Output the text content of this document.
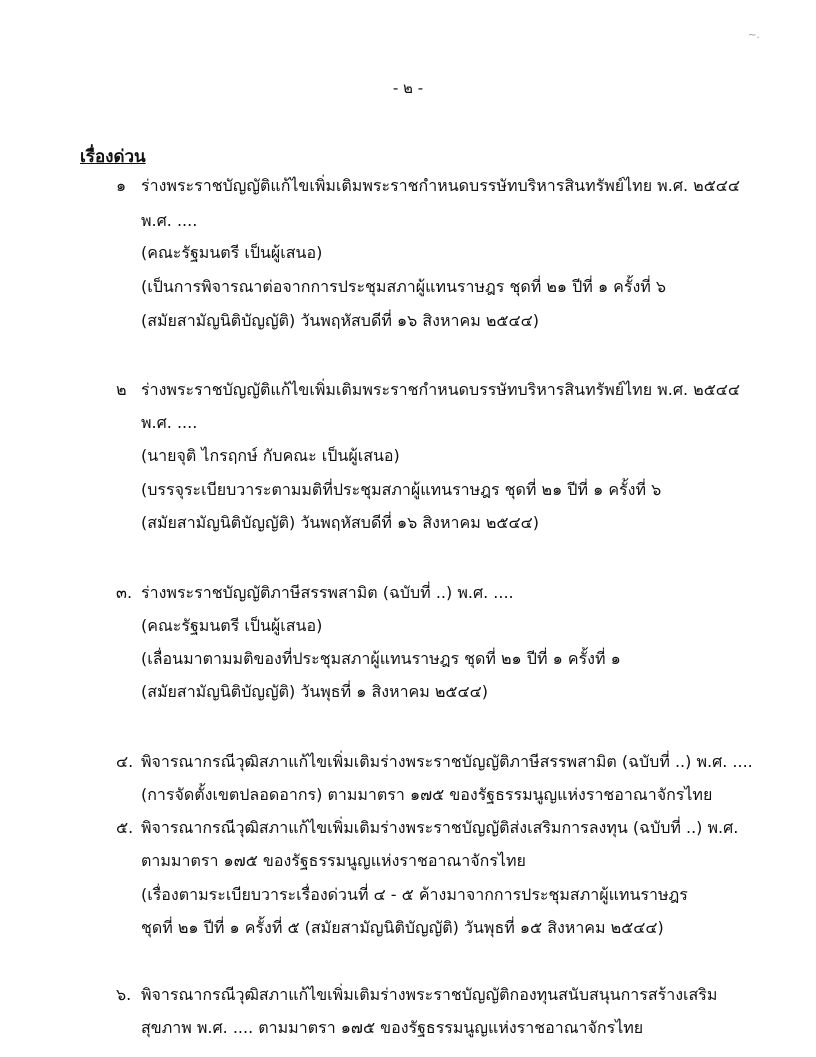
~.
- ๒ -
เรื่องด่วน
๑ ร่างพระราชบัญญัติแก้ไขเพิ่มเติมพระราชกำหนดบรรษัทบริหารสินทรัพย์ไทย พ.ศ. ๒๕๔๔
พ.ศ. ....
(คณะรัฐมนตรี เป็นผู้เสนอ)
(เป็นการพิจารณาต่อจากการประชุมสภาผู้แทนราษฎร ชุดที่ ๒๑ ปีที่ ๑ ครั้งที่ ๖
(สมัยสามัญนิติบัญญัติ) วันพฤหัสบดีที่ ๑๖ สิงหาคม ๒๕๔๔)
๒ ร่างพระราชบัญญัติแก้ไขเพิ่มเติมพระราชกำหนดบรรษัทบริหารสินทรัพย์ไทย พ.ศ. ๒๕๔๔
พ.ศ. ....
(นายจุติ ไกรฤกษ์ กับคณะ เป็นผู้เสนอ)
(บรรจุระเบียบวาระตามมติที่ประชุมสภาผู้แทนราษฎร ชุดที่ ๒๑ ปีที่ ๑ ครั้งที่ ๖
(สมัยสามัญนิติบัญญัติ) วันพฤหัสบดีที่ ๑๖ สิงหาคม ๒๕๔๔)
๓. ร่างพระราชบัญญัติภาษีสรรพสามิต (ฉบับที่ ..) พ.ศ. ....
(คณะรัฐมนตรี เป็นผู้เสนอ)
(เลื่อนมาตามมติของที่ประชุมสภาผู้แทนราษฎร ชุดที่ ๒๑ ปีที่ ๑ ครั้งที่ ๑
(สมัยสามัญนิติบัญญัติ) วันพุธที่ ๑ สิงหาคม ๒๕๔๔)
๔. พิจารณากรณีวุฒิสภาแก้ไขเพิ่มเติมร่างพระราชบัญญัติภาษีสรรพสามิต (ฉบับที่ ..) พ.ศ. ....
(การจัดตั้งเขตปลอดอากร) ตามมาตรา ๑๗๕ ของรัฐธรรมนูญแห่งราชอาณาจักรไทย
๕. พิจารณากรณีวุฒิสภาแก้ไขเพิ่มเติมร่างพระราชบัญญัติส่งเสริมการลงทุน (ฉบับที่ ..) พ.ศ.
ตามมาตรา ๑๗๕ ของรัฐธรรมนูญแห่งราชอาณาจักรไทย
(เรื่องตามระเบียบวาระเรื่องด่วนที่ ๔ - ๕ ค้างมาจากการประชุมสภาผู้แทนราษฎร
ชุดที่ ๒๑ ปีที่ ๑ ครั้งที่ ๕ (สมัยสามัญนิติบัญญัติ) วันพุธที่ ๑๕ สิงหาคม ๒๕๔๔)
๖. พิจารณากรณีวุฒิสภาแก้ไขเพิ่มเติมร่างพระราชบัญญัติกองทุนสนับสนุนการสร้างเสริม
สุขภาพ พ.ศ. .... ตามมาตรา ๑๗๕ ของรัฐธรรมนูญแห่งราชอาณาจักรไทย
